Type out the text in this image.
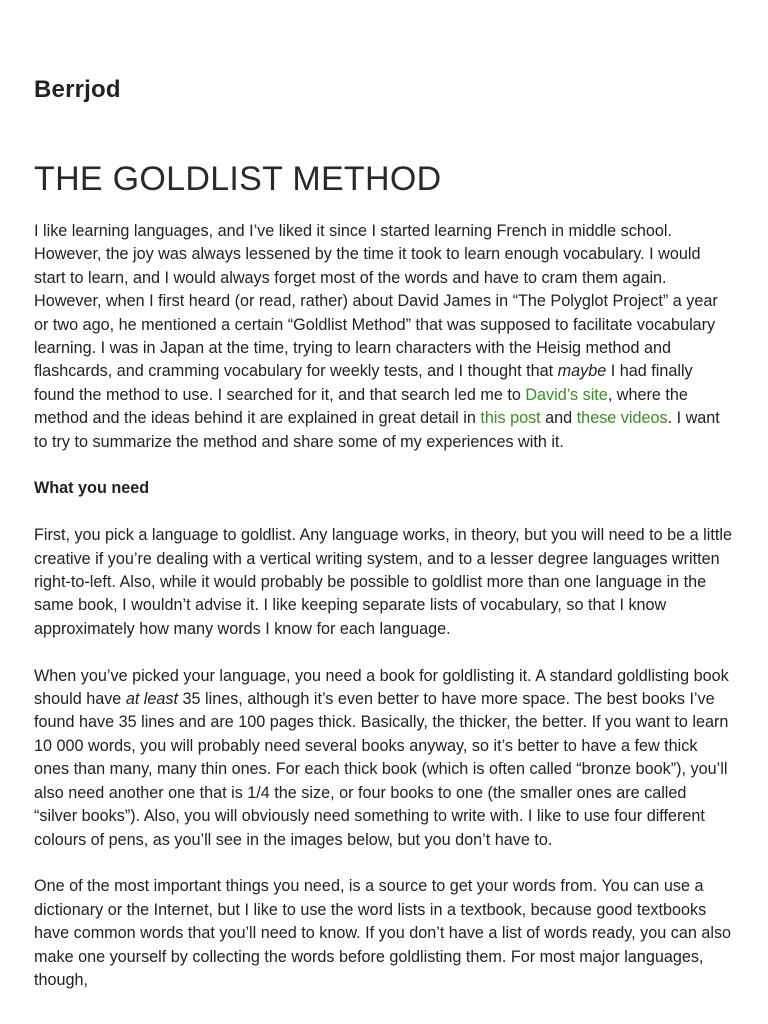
Berrjod
THE GOLDLIST METHOD

I like learning languages, and I’ve liked it since I started learning French in middle school. However, the joy was always lessened by the time it took to learn enough vocabulary. I would start to learn, and I would always forget most of the words and have to cram them again. However, when I first heard (or read, rather) about David James in “The Polyglot Project” a year or two ago, he mentioned a certain “Goldlist Method” that was supposed to facilitate vocabulary learning. I was in Japan at the time, trying to learn characters with the Heisig method and flashcards, and cramming vocabulary for weekly tests, and I thought that maybe I had finally found the method to use. I searched for it, and that search led me to David’s site, where the method and the ideas behind it are explained in great detail in this post and these videos. I want to try to summarize the method and share some of my experiences with it.

What you need

First, you pick a language to goldlist. Any language works, in theory, but you will need to be a little creative if you’re dealing with a vertical writing system, and to a lesser degree languages written right-to-left. Also, while it would probably be possible to goldlist more than one language in the same book, I wouldn’t advise it. I like keeping separate lists of vocabulary, so that I know approximately how many words I know for each language.

When you’ve picked your language, you need a book for goldlisting it. A standard goldlisting book should have at least 35 lines, although it’s even better to have more space. The best books I’ve found have 35 lines and are 100 pages thick. Basically, the thicker, the better. If you want to learn 10 000 words, you will probably need several books anyway, so it’s better to have a few thick ones than many, many thin ones. For each thick book (which is often called “bronze book”), you’ll also need another one that is 1/4 the size, or four books to one (the smaller ones are called “silver books”). Also, you will obviously need something to write with. I like to use four different colours of pens, as you’ll see in the images below, but you don’t have to.

One of the most important things you need, is a source to get your words from. You can use a dictionary or the Internet, but I like to use the word lists in a textbook, because good textbooks have common words that you’ll need to know. If you don’t have a list of words ready, you can also make one yourself by collecting the words before goldlisting them. For most major languages, though,
